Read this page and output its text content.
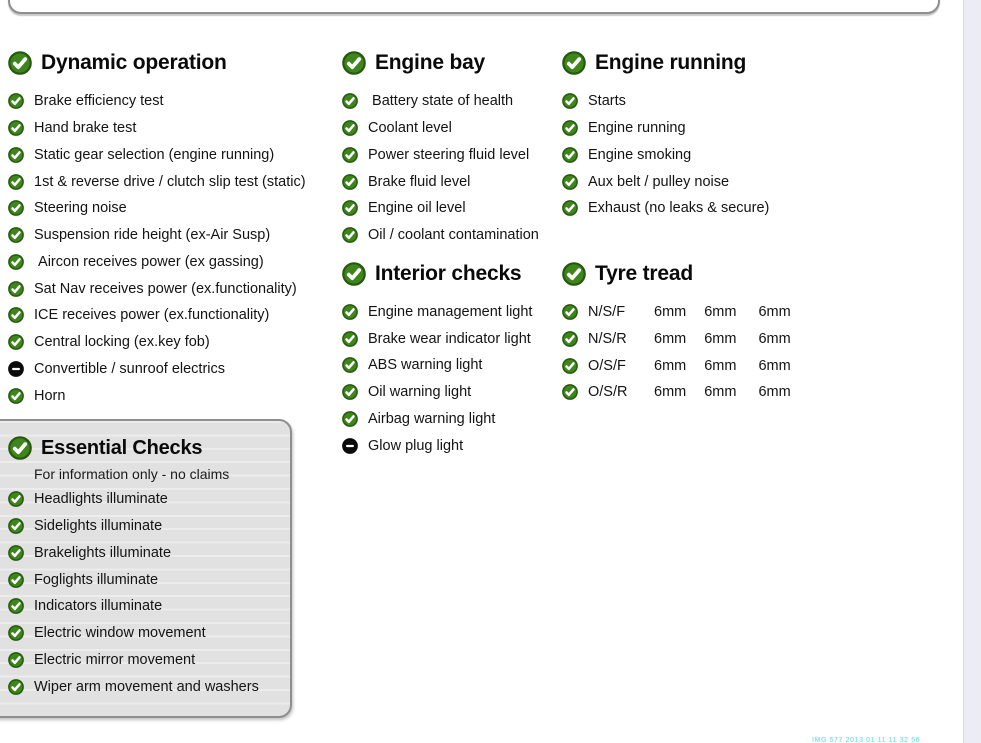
Dynamic operation
Brake efficiency test
Hand brake test
Static gear selection (engine running)
1st & reverse drive / clutch slip test (static)
Steering noise
Suspension ride height (ex-Air Susp)
Aircon receives power (ex gassing)
Sat Nav receives power (ex.functionality)
ICE receives power (ex.functionality)
Central locking (ex.key fob)
Convertible / sunroof electrics
Horn
Essential Checks
For information only - no claims
Headlights illuminate
Sidelights illuminate
Brakelights illuminate
Foglights illuminate
Indicators illuminate
Electric window movement
Electric mirror movement
Wiper arm movement and washers
Engine bay
Battery state of health
Coolant level
Power steering fluid level
Brake fluid level
Engine oil level
Oil / coolant contamination
Interior checks
Engine management light
Brake wear indicator light
ABS warning light
Oil warning light
Airbag warning light
Glow plug light
Engine running
Starts
Engine running
Engine smoking
Aux belt / pulley noise
Exhaust (no leaks & secure)
Tyre tread
N/S/F	6mm 6mm 6mm
N/S/R	6mm 6mm 6mm
O/S/F	6mm 6mm 6mm
O/S/R	6mm 6mm 6mm
IMG 577 2013 01 11 11 32 56
